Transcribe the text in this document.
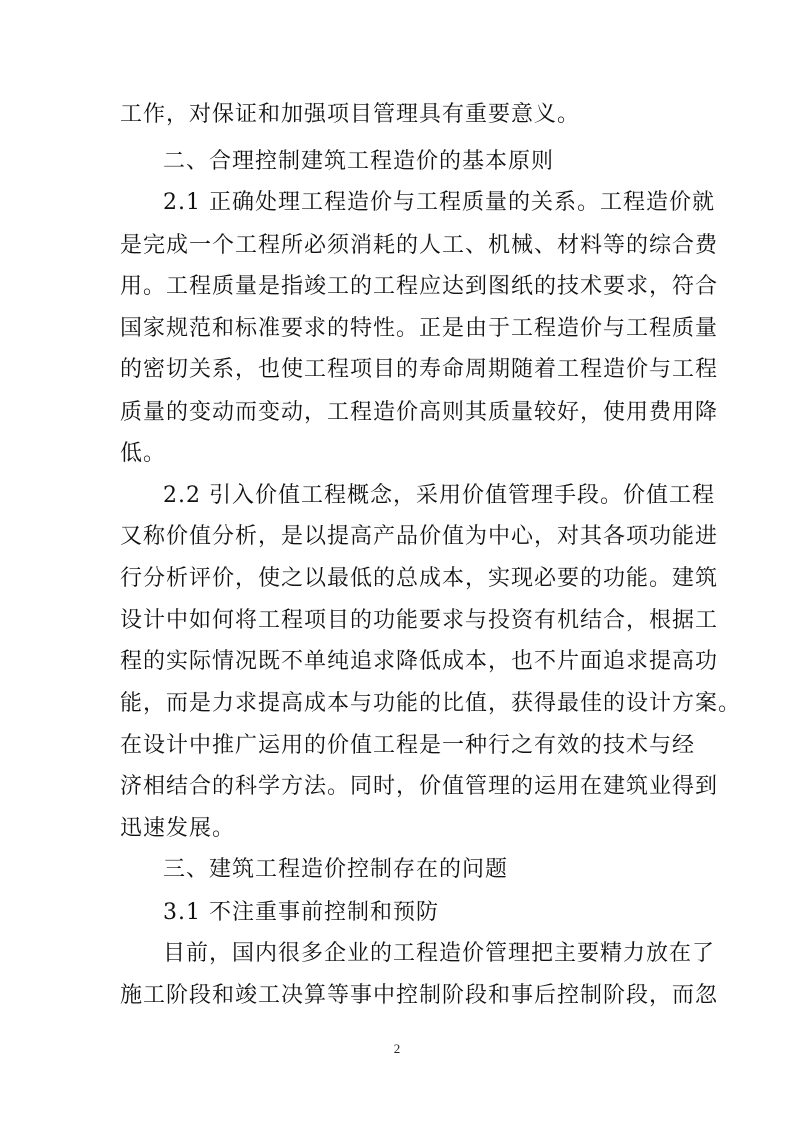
工作，对保证和加强项目管理具有重要意义。
二、合理控制建筑工程造价的基本原则
2.1 正确处理工程造价与工程质量的关系。工程造价就
是完成一个工程所必须消耗的人工、机械、材料等的综合费
用。工程质量是指竣工的工程应达到图纸的技术要求，符合
国家规范和标准要求的特性。正是由于工程造价与工程质量
的密切关系，也使工程项目的寿命周期随着工程造价与工程
质量的变动而变动，工程造价高则其质量较好，使用费用降
低。
2.2 引入价值工程概念，采用价值管理手段。价值工程
又称价值分析，是以提高产品价值为中心，对其各项功能进
行分析评价，使之以最低的总成本，实现必要的功能。建筑
设计中如何将工程项目的功能要求与投资有机结合，根据工
程的实际情况既不单纯追求降低成本，也不片面追求提高功
能，而是力求提高成本与功能的比值，获得最佳的设计方案。
在设计中推广运用的价值工程是一种行之有效的技术与经
济相结合的科学方法。同时，价值管理的运用在建筑业得到
迅速发展。
三、建筑工程造价控制存在的问题
3.1 不注重事前控制和预防
目前，国内很多企业的工程造价管理把主要精力放在了
施工阶段和竣工决算等事中控制阶段和事后控制阶段，而忽
2
